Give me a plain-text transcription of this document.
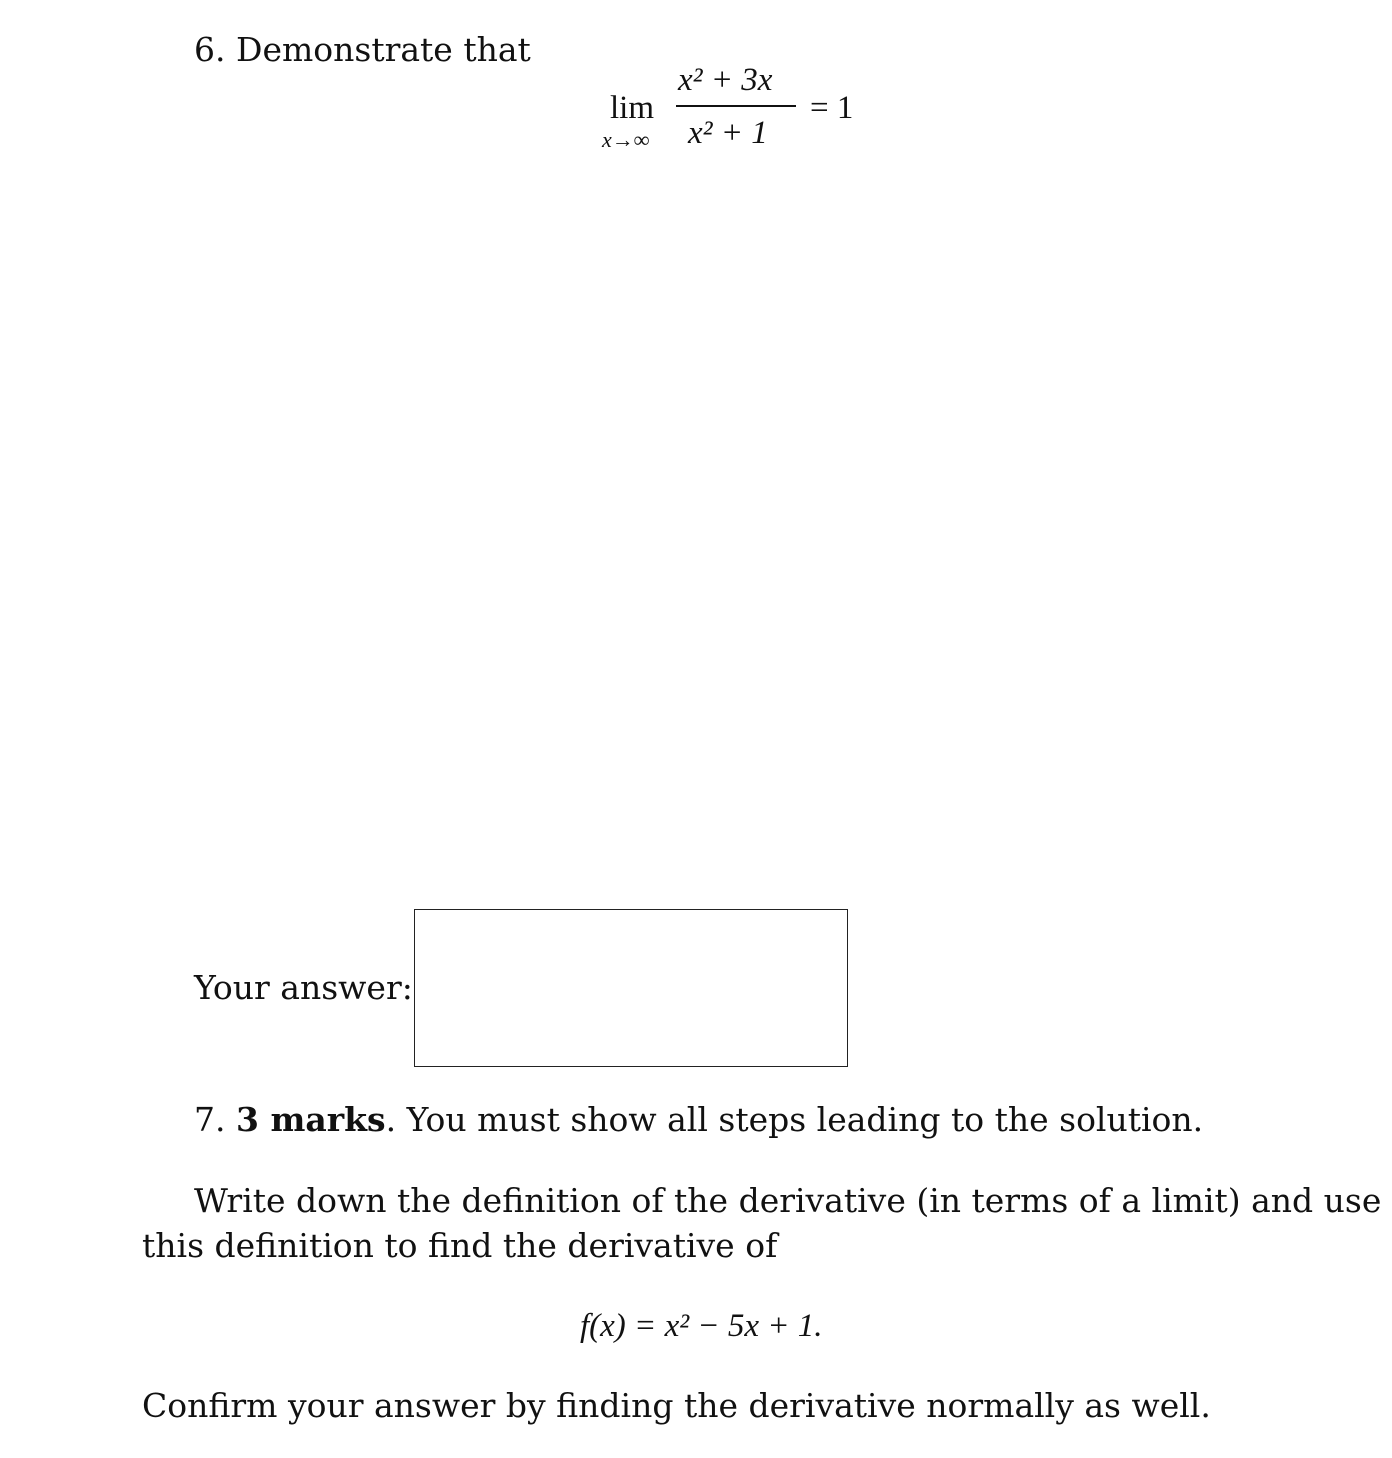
6. Demonstrate that
lim
x→∞
x² + 3x
x² + 1
= 1
Your answer:
7. 3 marks. You must show all steps leading to the solution.
Write down the definition of the derivative (in terms of a limit) and use
this definition to find the derivative of
f(x) = x² − 5x + 1.
Confirm your answer by finding the derivative normally as well.
